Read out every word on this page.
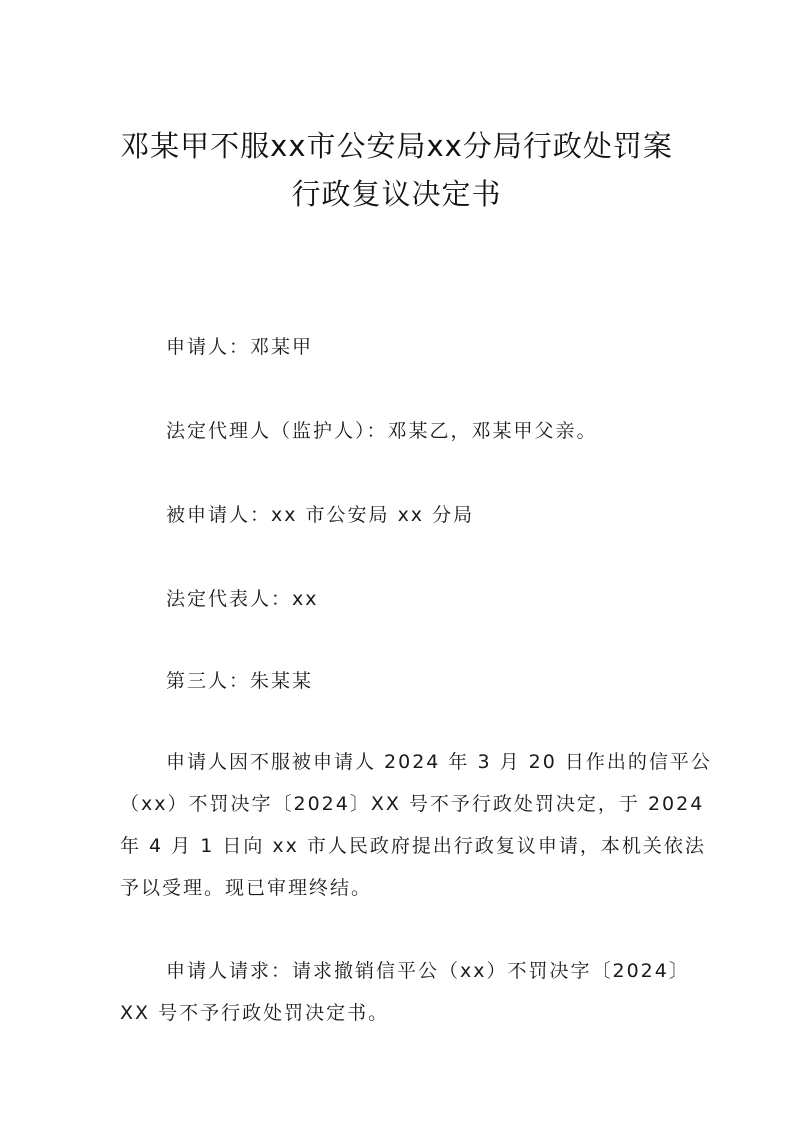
邓某甲不服xx市公安局xx分局行政处罚案
行政复议决定书
申请人：邓某甲
法定代理人（监护人）：邓某乙，邓某甲父亲。
被申请人：xx 市公安局 xx 分局
法定代表人：xx
第三人：朱某某
申请人因不服被申请人 2024 年 3 月 20 日作出的信平公
（xx）不罚决字〔2024〕XX 号不予行政处罚决定，于 2024
年 4 月 1 日向 xx 市人民政府提出行政复议申请，本机关依法
予以受理。现已审理终结。
申请人请求：请求撤销信平公（xx）不罚决字〔2024〕
XX 号不予行政处罚决定书。
